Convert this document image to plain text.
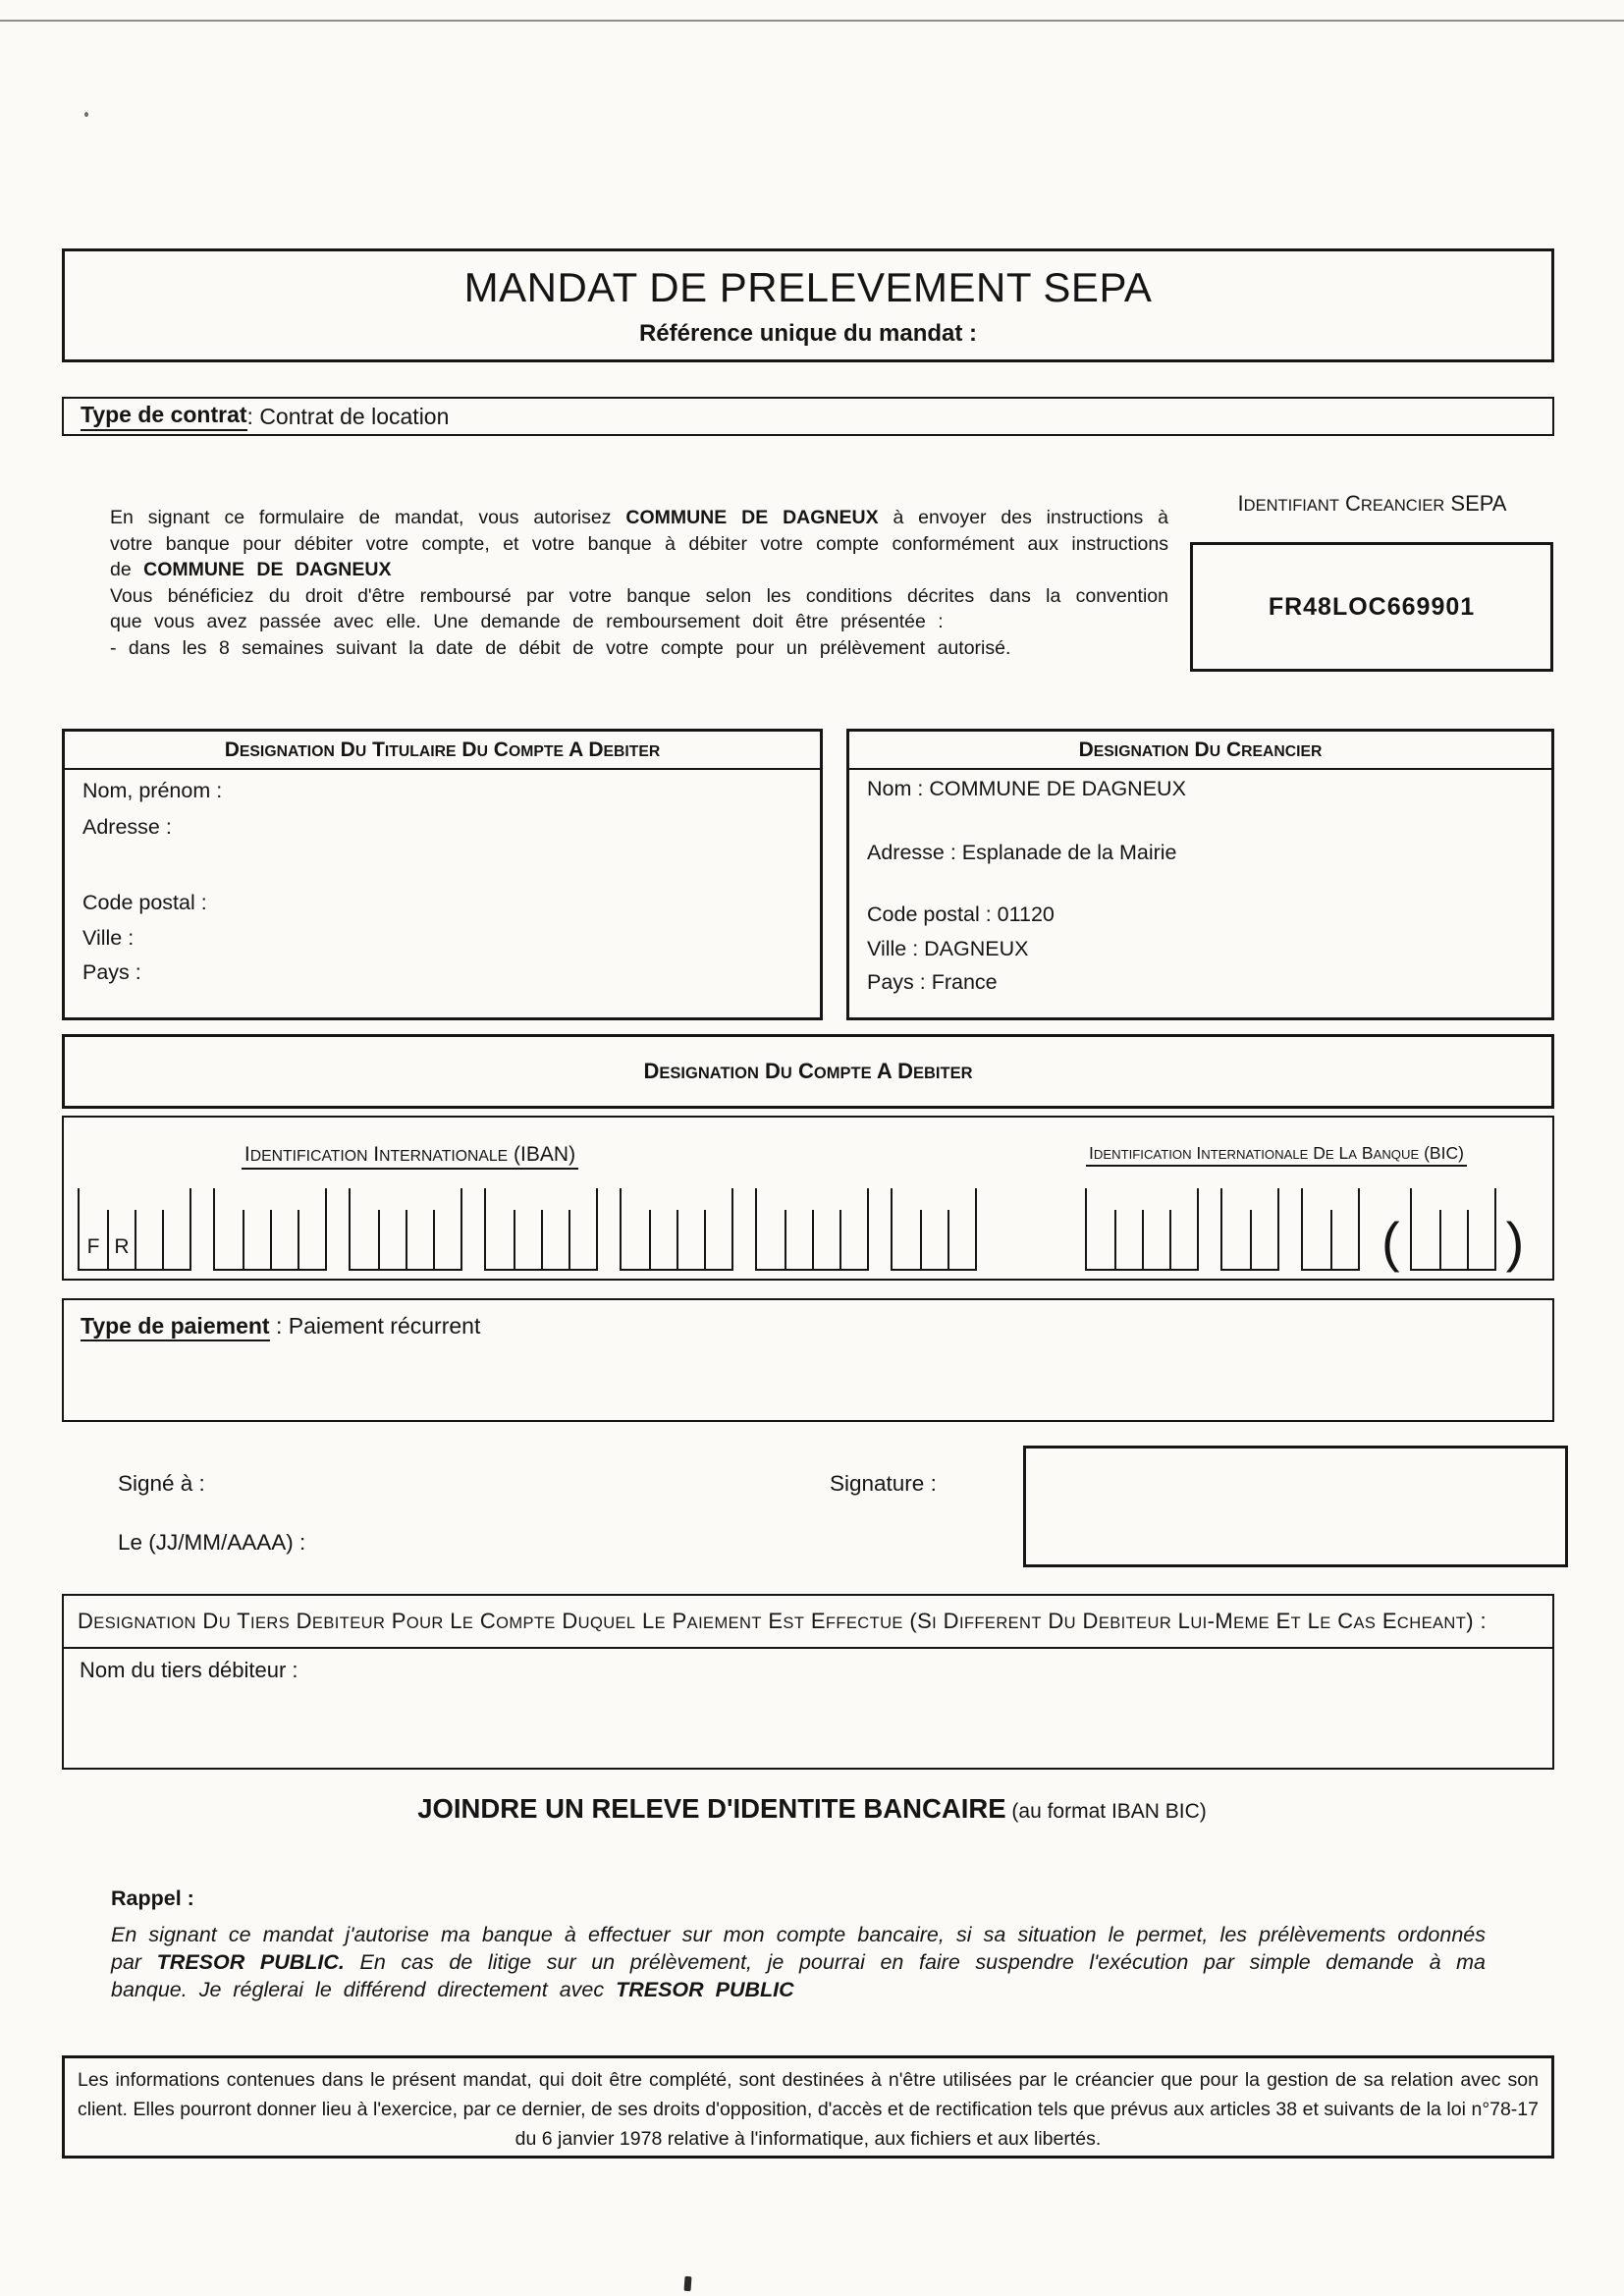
MANDAT DE PRELEVEMENT SEPA
Référence unique du mandat :
Type de contrat : Contrat de location

En signant ce formulaire de mandat, vous autorisez COMMUNE DE DAGNEUX à envoyer des instructions à votre banque pour débiter votre compte, et votre banque à débiter votre compte conformément aux instructions de COMMUNE DE DAGNEUX

Vous bénéficiez du droit d'être remboursé par votre banque selon les conditions décrites dans la convention que vous avez passée avec elle. Une demande de remboursement doit être présentée :

- dans les 8 semaines suivant la date de débit de votre compte pour un prélèvement autorisé.

IDENTIFIANT CREANCIER SEPA
FR48LOC669901
DESIGNATION DU TITULAIRE DU COMPTE A DEBITER
Nom, prénom :
Adresse :
Code postal :
Ville :
Pays :
DESIGNATION DU CREANCIER
Nom : COMMUNE DE DAGNEUX
Adresse : Esplanade de la Mairie
Code postal : 01120
Ville : DAGNEUX
Pays : France
DESIGNATION DU COMPTE A DEBITER
IDENTIFICATION INTERNATIONALE (IBAN)	IDENTIFICATION INTERNATIONALE DE LA BANQUE (BIC)
F R	( )
Type de paiement : Paiement récurrent
Signé à :
Le (JJ/MM/AAAA) :
Signature :
DESIGNATION DU TIERS DEBITEUR POUR LE COMPTE DUQUEL LE PAIEMENT EST EFFECTUE (SI DIFFERENT DU DEBITEUR LUI-MEME ET LE CAS ECHEANT) :
Nom du tiers débiteur :
JOINDRE UN RELEVE D'IDENTITE BANCAIRE (au format IBAN BIC)
Rappel :
En signant ce mandat j'autorise ma banque à effectuer sur mon compte bancaire, si sa situation le permet, les prélèvements ordonnés par TRESOR PUBLIC. En cas de litige sur un prélèvement, je pourrai en faire suspendre l'exécution par simple demande à ma banque. Je réglerai le différend directement avec TRESOR PUBLIC
Les informations contenues dans le présent mandat, qui doit être complété, sont destinées à n'être utilisées par le créancier que pour la gestion de sa relation avec son client. Elles pourront donner lieu à l'exercice, par ce dernier, de ses droits d'opposition, d'accès et de rectification tels que prévus aux articles 38 et suivants de la loi n°78-17 du 6 janvier 1978 relative à l'informatique, aux fichiers et aux libertés.
